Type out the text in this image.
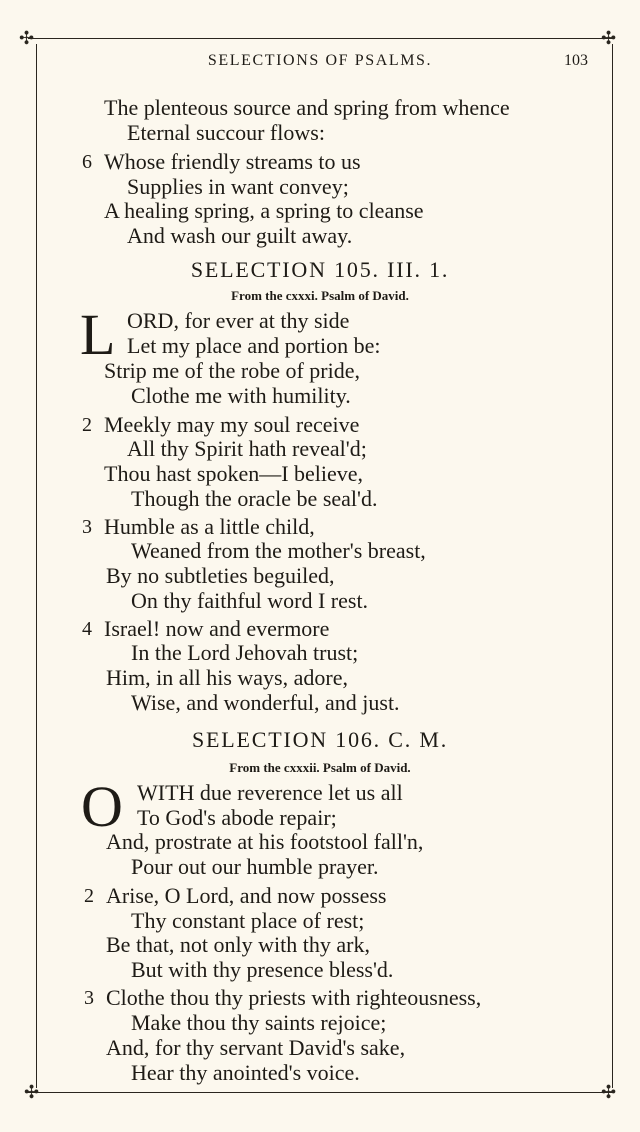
✣	✣
✣	✣
SELECTIONS OF PSALMS.	103
The plenteous source and spring from whence
Eternal succour flows:
6 Whose friendly streams to us
Supplies in want convey;
A healing spring, a spring to cleanse
And wash our guilt away.
SELECTION 105. III. 1.
From the cxxxi. Psalm of David.
L ORD, for ever at thy side
Let my place and portion be:
Strip me of the robe of pride,
Clothe me with humility.
2 Meekly may my soul receive
All thy Spirit hath reveal'd;
Thou hast spoken—I believe,
Though the oracle be seal'd.
3 Humble as a little child,
Weaned from the mother's breast,
By no subtleties beguiled,
On thy faithful word I rest.
4 Israel! now and evermore
In the Lord Jehovah trust;
Him, in all his ways, adore,
Wise, and wonderful, and just.
SELECTION 106. C. M.
From the cxxxii. Psalm of David.
O WITH due reverence let us all
To God's abode repair;
And, prostrate at his footstool fall'n,
Pour out our humble prayer.
2 Arise, O Lord, and now possess
Thy constant place of rest;
Be that, not only with thy ark,
But with thy presence bless'd.
3 Clothe thou thy priests with righteousness,
Make thou thy saints rejoice;
And, for thy servant David's sake,
Hear thy anointed's voice.
